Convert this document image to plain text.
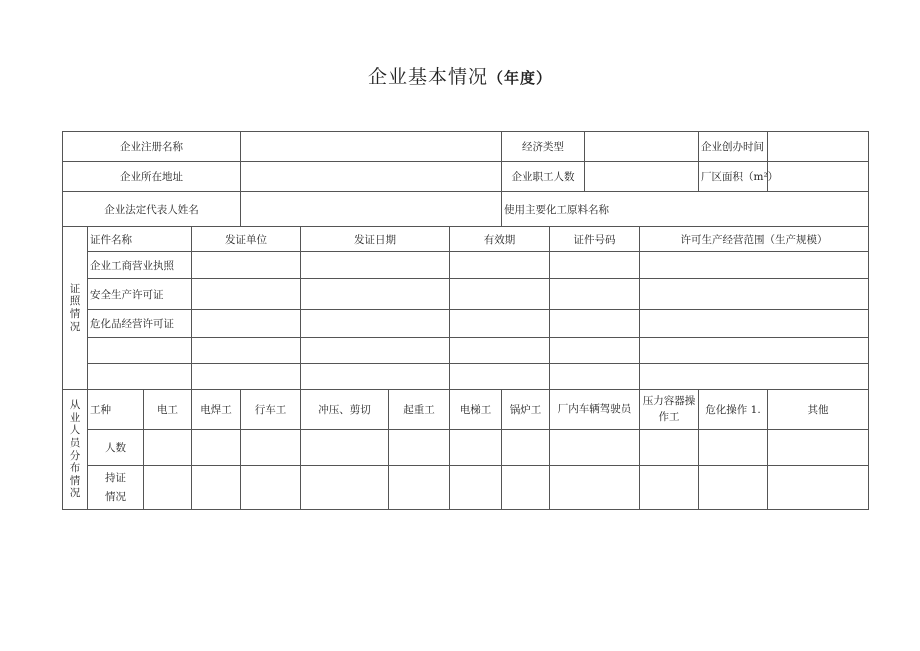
企业基本情况（年度）
企业注册名称								经济类型				企业创办时间	
企业所在地址								企业职工人数				厂区面积（m²）	
企业法定代表人姓名								使用主要化工原料名称					
证照情况	证件名称		发证单位		发证日期		有效期		证件号码		许可生产经营范围（生产规模）		
	企业工商营业执照												
	安全生产许可证												
	危化品经营许可证												

从业人员分布情况	工种	电工	电焊工	行车工	冲压、剪切	起重工	电梯工	锅炉工	厂内车辆驾驶员		压力容器操作工	危化操作 1.	其他
	人数												
	持证情况												
